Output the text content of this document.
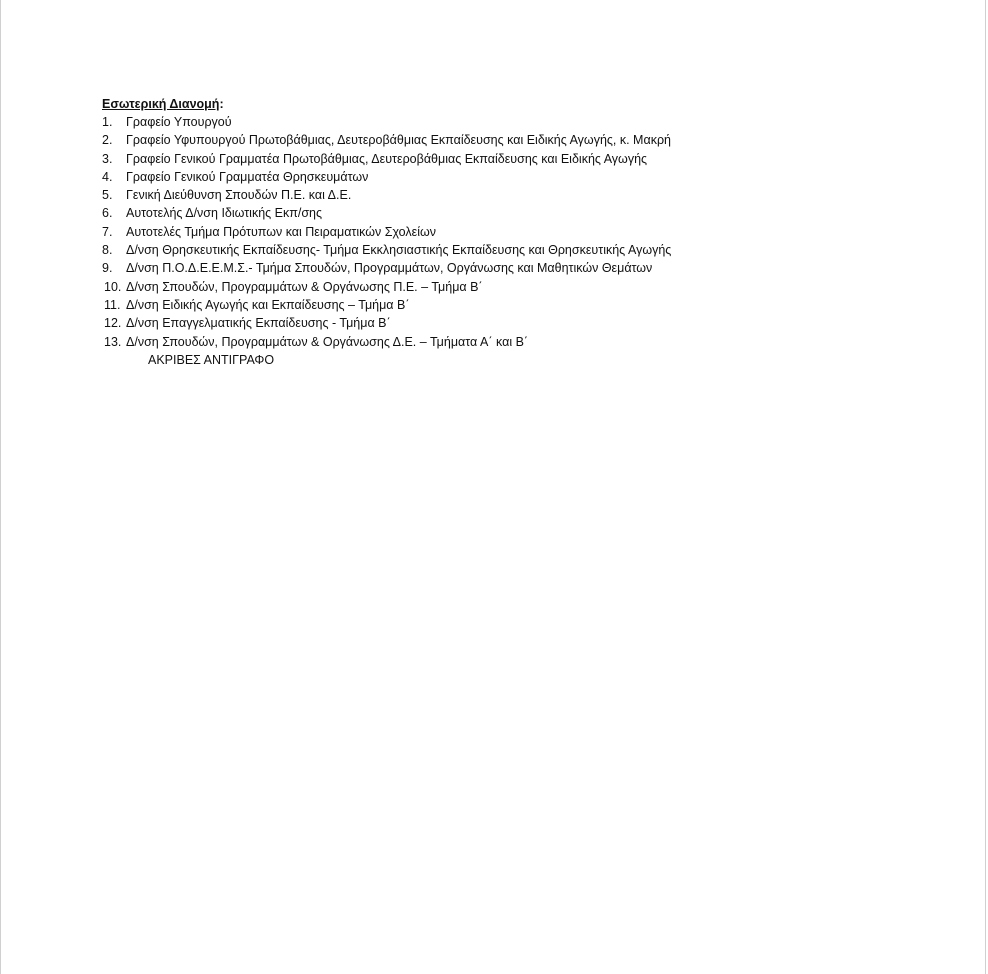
Εσωτερική Διανομή:
1. Γραφείο Υπουργού
2. Γραφείο Υφυπουργού Πρωτοβάθμιας, Δευτεροβάθμιας Εκπαίδευσης και Ειδικής Αγωγής, κ. Μακρή
3. Γραφείο Γενικού Γραμματέα Πρωτοβάθμιας, Δευτεροβάθμιας Εκπαίδευσης και Ειδικής Αγωγής
4. Γραφείο Γενικού Γραμματέα Θρησκευμάτων
5. Γενική Διεύθυνση Σπουδών Π.Ε. και Δ.Ε.
6. Αυτοτελής Δ/νση Ιδιωτικής Εκπ/σης
7. Αυτοτελές Τμήμα Πρότυπων και Πειραματικών Σχολείων
8. Δ/νση Θρησκευτικής Εκπαίδευσης- Τμήμα Εκκλησιαστικής Εκπαίδευσης και Θρησκευτικής Αγωγής
9. Δ/νση Π.Ο.Δ.Ε.Ε.Μ.Σ.- Τμήμα Σπουδών, Προγραμμάτων, Οργάνωσης και Μαθητικών Θεμάτων
10. Δ/νση Σπουδών, Προγραμμάτων & Οργάνωσης Π.Ε. – Τμήμα Β΄
11. Δ/νση Ειδικής Αγωγής και Εκπαίδευσης – Τμήμα Β΄
12. Δ/νση Επαγγελματικής Εκπαίδευσης - Τμήμα Β΄
13. Δ/νση Σπουδών, Προγραμμάτων & Οργάνωσης Δ.Ε. – Τμήματα Α΄ και Β΄
ΑΚΡΙΒΕΣ ΑΝΤΙΓΡΑΦΟ
